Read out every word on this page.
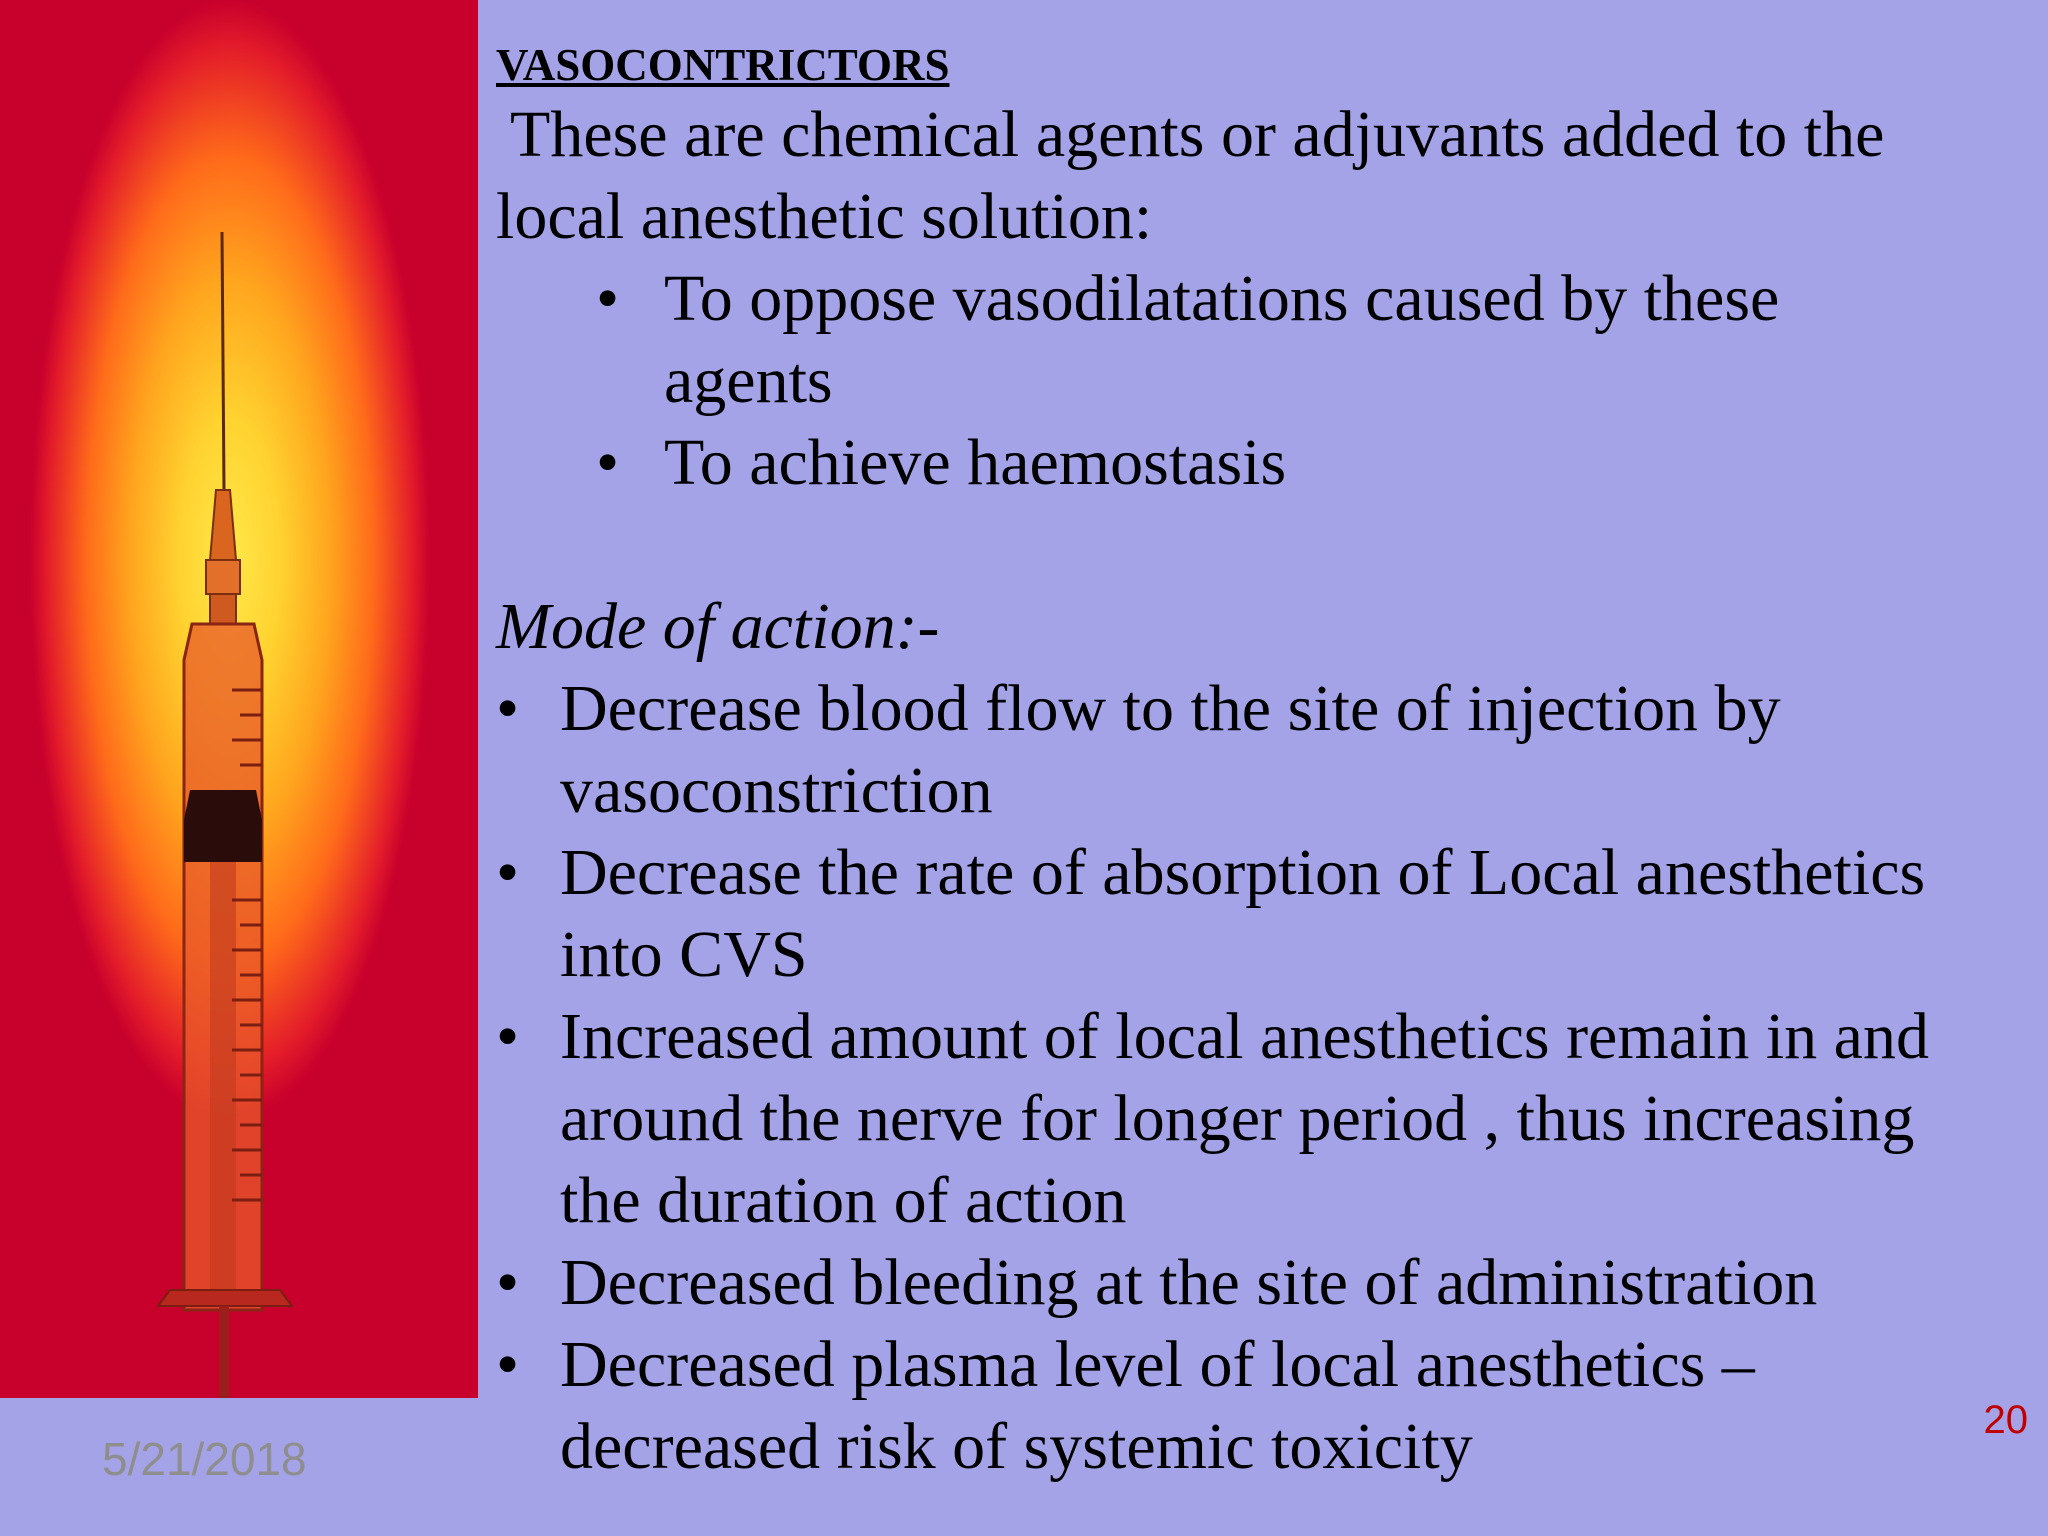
VASOCONTRICTORS

These are chemical agents or adjuvants added to the

local anesthetic solution:

• To oppose vasodilatations caused by these
agents
• To achieve haemostasis

Mode of action:-

• Decrease blood flow to the site of injection by
vasoconstriction
• Decrease the rate of absorption of Local anesthetics
into CVS
• Increased amount of local anesthetics remain in and
around the nerve for longer period , thus increasing
the duration of action
• Decreased bleeding at the site of administration
• Decreased plasma level of local anesthetics –
decreased risk of systemic toxicity
5/21/2018
20
